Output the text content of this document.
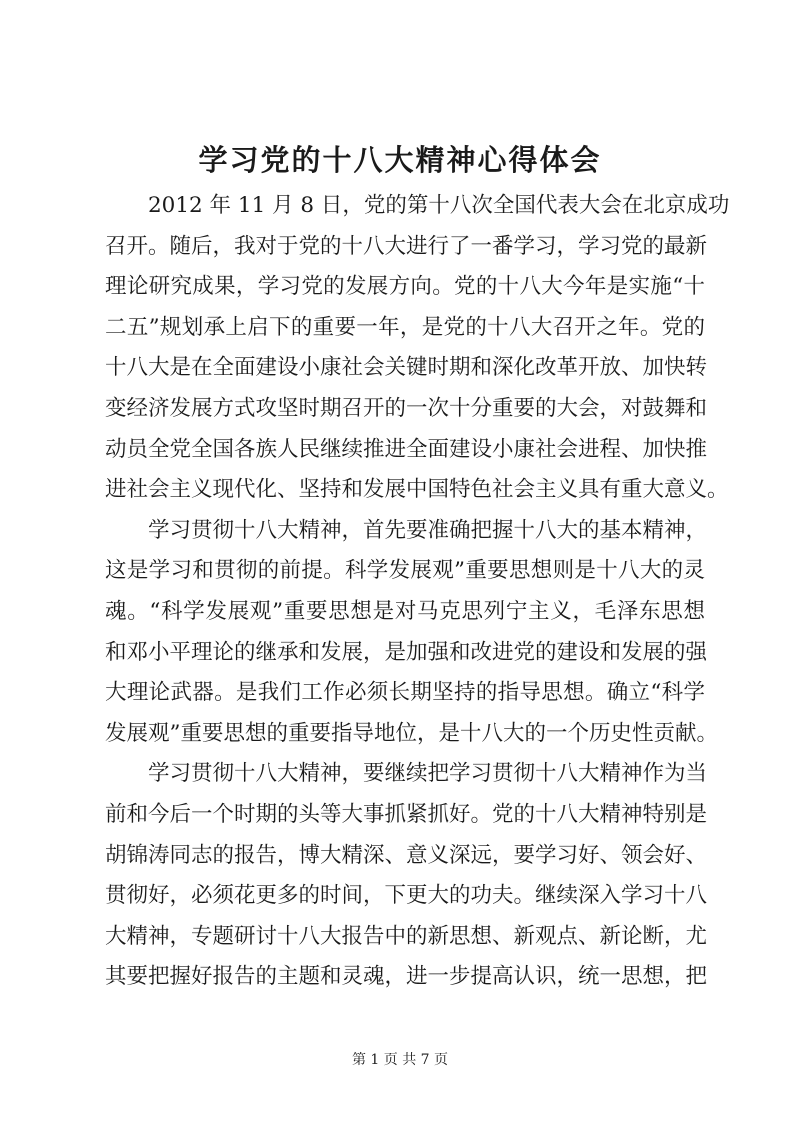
学习党的十八大精神心得体会
2012 年 11 月 8 日，党的第十八次全国代表大会在北京成功
召开。随后，我对于党的十八大进行了一番学习，学习党的最新
理论研究成果，学习党的发展方向。党的十八大今年是实施“十
二五”规划承上启下的重要一年，是党的十八大召开之年。党的
十八大是在全面建设小康社会关键时期和深化改革开放、加快转
变经济发展方式攻坚时期召开的一次十分重要的大会，对鼓舞和
动员全党全国各族人民继续推进全面建设小康社会进程、加快推
进社会主义现代化、坚持和发展中国特色社会主义具有重大意义。
学习贯彻十八大精神，首先要准确把握十八大的基本精神，
这是学习和贯彻的前提。科学发展观”重要思想则是十八大的灵
魂。“科学发展观”重要思想是对马克思列宁主义，毛泽东思想
和邓小平理论的继承和发展，是加强和改进党的建设和发展的强
大理论武器。是我们工作必须长期坚持的指导思想。确立“科学
发展观”重要思想的重要指导地位，是十八大的一个历史性贡献。
学习贯彻十八大精神，要继续把学习贯彻十八大精神作为当
前和今后一个时期的头等大事抓紧抓好。党的十八大精神特别是
胡锦涛同志的报告，博大精深、意义深远，要学习好、领会好、
贯彻好，必须花更多的时间，下更大的功夫。继续深入学习十八
大精神，专题研讨十八大报告中的新思想、新观点、新论断，尤
其要把握好报告的主题和灵魂，进一步提高认识，统一思想，把
第 1 页 共 7 页
